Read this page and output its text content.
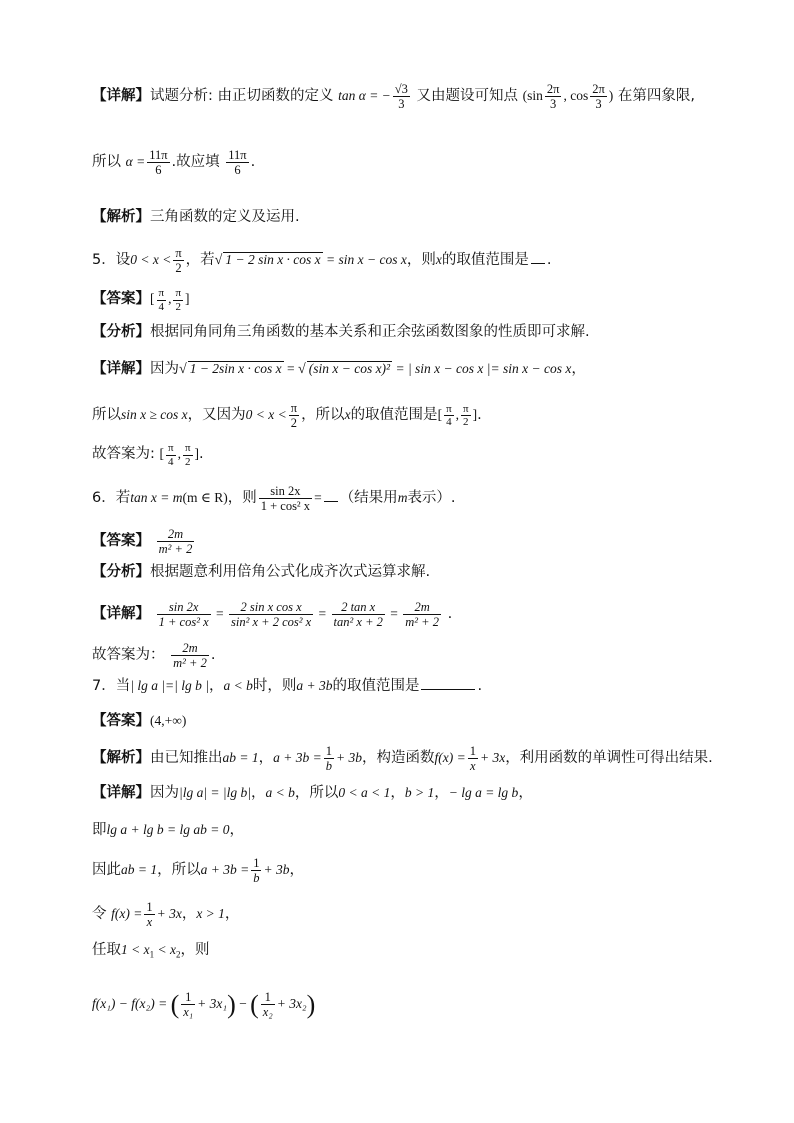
【详解】试题分析: 由正切函数的定义 tan α = − $\frac{√3}{3}$ 又由题设可知点 ($\sin \frac{2\pi}{3}$ , $\cos \frac{2\pi}{3}$ ) 在第四象限,
所以 $\alpha = \frac{11\pi}{6}$ .故应填 $\frac{11\pi}{6}$ .
【解析】三角函数的定义及运用.
5．设$0 < x < \frac{\pi}{2}$ ，若√ 1 − 2 sin x · cos x = sin x − cos x，则x的取值范围是 .
【答案】[ $\frac{\pi}{4}$ , $\frac{\pi}{2}$ ]
【分析】根据同角同角三角函数的基本关系和正余弦函数图象的性质即可求解.
【详解】因为√ 1 − 2sin x · cos x = √ (sin x − cos x)² = | sin x − cos x |= sin x − cos x，
所以sin x ≥ cos x，又因为$0 < x < \frac{\pi}{2}$ ，所以x的取值范围是[ $\frac{\pi}{4}$ , $\frac{\pi}{2}$ ].
故答案为: [ $\frac{\pi}{4}$ , $\frac{\pi}{2}$ ].
6．若tan x = m(m ∈ R)，则 $\frac{\sin 2x}{\text{1 + cos² x}}$ = （结果用m表示）.
【答案】 $\frac{2m}{\text{m² + 2}}$
【分析】根据题意利用倍角公式化成齐次式运算求解.
【详解】 $\frac{\sin 2x}{\text{1 + cos² x}} = \frac{\text{2 sin x cos x}}{\text{sin² x + 2 cos² x}} = \frac{\text{2 tan x}}{\text{tan² x + 2}} = \frac{2m}{\text{m² + 2}}$ .
故答案为： $\frac{2m}{\text{m² + 2}}$ .
7．当| lg a |=| lg b |，a < b时，则a + 3b的取值范围是	.
【答案】(4,+∞)
【解析】由已知推出ab = 1，$a + 3b = \frac{1}{b} + 3b$，构造函数$f(x) = \frac{1}{x} + 3x$，利用函数的单调性可得出结果.
【详解】因为|lg a| = |lg b|，a < b，所以0 < a < 1，b > 1，− lg a = lg b，
即lg a + lg b = lg ab = 0，
因此ab = 1，所以$a + 3b = \frac{1}{b} + 3b$，
令 $f(x) = \frac{1}{x} + 3x$，x > 1，
任取$1 < x_1 < x_2$，则
f(x₁) − f(x₂) = ( $\frac{1}{\text{x₁}} + 3x_1$) − ( $\frac{1}{\text{x₂}} + 3x_2$)
